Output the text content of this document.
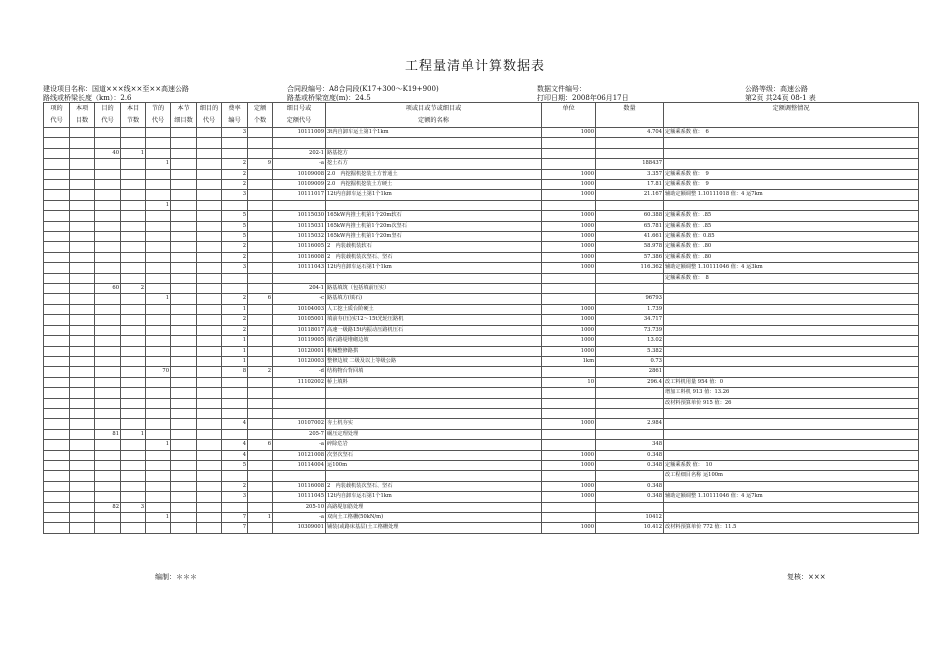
工程量清单计算数据表
建设项目名称：国道×××线××至××高速公路	合同段编号：A8合同段(K17+300～K19+900)	数据文件编号：	公路等级：高速公路
路线或桥梁长度（km）：2.6	路基或桥梁宽度(m)：24.5	打印日期：2008年06月17日	第2页 共24页 08-1 表
项的	本项	目的	本目	节的	本节	细目的	费率	定额	细目号或	项或目或节或细目或	单位	数量	定额调整情况
代号	目数	代号	节数	代号	细目数	代号	编号	个数	定额代号	定额的名称			
							3		10111009	3t内自卸车运土第1个1km	1000	4.704	定额乘系数 值：　6

		40	1						202-1	路基挖方			
				1			2	9	-a	挖土石方		188437	
							2		10109008	2.0　内挖掘机挖装土方普通土	1000	3.357	定额乘系数 值：　9
							2		10109009	2.0　内挖掘机挖装土方硬土	1000	17.81	定额乘系数 值：　9
							3		10111017	12t内自卸车运土第1个1km	1000	21.167	辅助定额调整 1.10111018 值：4 运7km
				1									
							5		10115030	165kW内推土机第1个20m软石	1000	60.388	定额乘系数 值：.85
							5		10115031	165kW内推土机第1个20m次坚石	1000	65.781	定额乘系数 值：.85
							5		10115032	165kW内推土机第1个20m坚石	1000	41.661	定额乘系数 值：0.85
							2		10116005	2　内装载机装软石	1000	58.978	定额乘系数 值：.80
							2		10116008	2　内装载机装次坚石、坚石	1000	57.386	定额乘系数 值：.80
							3		10111043	12t内自卸车运石第1个1km	1000	116.362	辅助定额调整 1.10111046 值：4 运3km
													定额乘系数 值：　8
		60	2						204-1	路基填筑（包括填前压实）			
				1			2	6	-c	路基填方(填石)		96793	
							1		10104003	人工挖土质台阶硬土	1000	1.739	
							2		10105001	填前夯(压)实12～15t光轮压路机	1000	34.717	
							2		10118017	高速一级路15t内振动压路机压石	1000	73.739	
							1		10119005	填石路堤堆砌边坡	1000	13.02	
							1		10120001	机械整修路拱	1000	5.382	
							1		10120003	整修边坡 二级及以上等级公路	1km	0.73	
				70			8	2	-d	结构物台背回填		2861	
									11102002	桥上填料	10	296.4	改工料机用量 954 值：0
													增加工料机 913 值：13.26
													改材料预算单价 915 值：26

							4		10107002	夯土机夯实	1000	2.984	
		81	1						205-7	碾压定理处理			
				1			4	6	-a	碎除危岩		348	
							4		10121008	次坚次坚石	1000	0.348	
							5		10114004	运100m	1000	0.348	定额乘系数 值：　10
													改工程细目名称 运100m
							2		10116008	2　内装载机装次坚石、坚石	1000	0.348	
							3		10111045	12t内自卸车运石第1个1km	1000	0.348	辅助定额调整 1.10111046 值：4 运7km
		82	3						205-10	高路堤加筋处理			
				1			7	1	-a	双向土工格栅(50kN/m)		10412	
							7		10309001	铺装(或路床基层)土工格栅处理	1000	10.412	改材料预算单价 772 值：11.5
编制：＊＊＊	复核：×××
